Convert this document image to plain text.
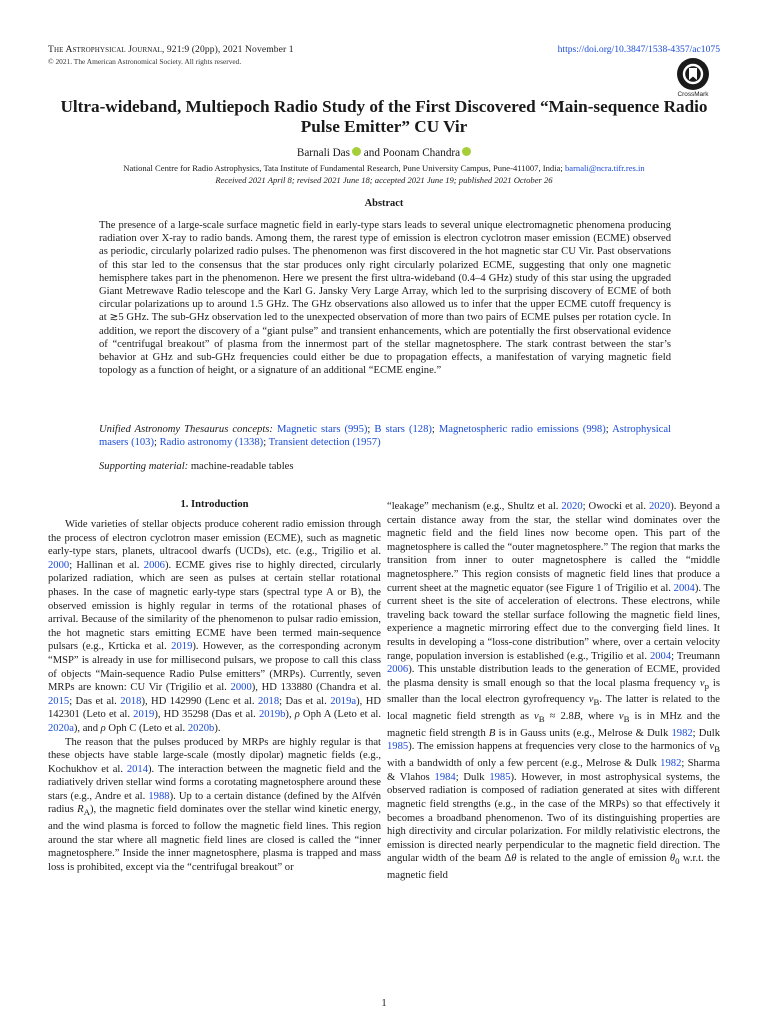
The Astrophysical Journal, 921:9 (20pp), 2021 November 1
© 2021. The American Astronomical Society. All rights reserved.
https://doi.org/10.3847/1538-4357/ac1075
CrossMark
Ultra-wideband, Multiepoch Radio Study of the First Discovered “Main-sequence Radio Pulse Emitter” CU Vir
Barnali Das and Poonam Chandra
National Centre for Radio Astrophysics, Tata Institute of Fundamental Research, Pune University Campus, Pune-411007, India; barnali@ncra.tifr.res.in
Received 2021 April 8; revised 2021 June 18; accepted 2021 June 19; published 2021 October 26
Abstract

The presence of a large-scale surface magnetic field in early-type stars leads to several unique electromagnetic phenomena producing radiation over X-ray to radio bands. Among them, the rarest type of emission is electron cyclotron maser emission (ECME) observed as periodic, circularly polarized radio pulses. The phenomenon was first discovered in the hot magnetic star CU Vir. Past observations of this star led to the consensus that the star produces only right circularly polarized ECME, suggesting that only one magnetic hemisphere takes part in the phenomenon. Here we present the first ultra-wideband (0.4–4 GHz) study of this star using the upgraded Giant Metrewave Radio telescope and the Karl G. Jansky Very Large Array, which led to the surprising discovery of ECME of both circular polarizations up to around 1.5 GHz. The GHz observations also allowed us to infer that the upper ECME cutoff frequency is at ≳5 GHz. The sub-GHz observation led to the unexpected observation of more than two pairs of ECME pulses per rotation cycle. In addition, we report the discovery of a “giant pulse” and transient enhancements, which are potentially the first observational evidence of “centrifugal breakout” of plasma from the innermost part of the stellar magnetosphere. The stark contrast between the star’s behavior at GHz and sub-GHz frequencies could either be due to propagation effects, a manifestation of varying magnetic field topology as a function of height, or a signature of an additional “ECME engine.”

Unified Astronomy Thesaurus concepts: Magnetic stars (995); B stars (128); Magnetospheric radio emissions (998); Astrophysical masers (103); Radio astronomy (1338); Transient detection (1957)

Supporting material: machine-readable tables
1. Introduction

Wide varieties of stellar objects produce coherent radio emission through the process of electron cyclotron maser emission (ECME), such as magnetic early-type stars, planets, ultracool dwarfs (UCDs), etc. (e.g., Trigilio et al. 2000; Hallinan et al. 2006). ECME gives rise to highly directed, circularly polarized radiation, which are seen as pulses at certain stellar rotational phases. In the case of magnetic early-type stars (spectral type A or B), the observed emission is highly regular in terms of the rotational phases of arrival. Because of the similarity of the phenomenon to pulsar radio emission, the hot magnetic stars emitting ECME have been termed main-sequence pulsars (e.g., Krticka et al. 2019). However, as the corresponding acronym “MSP” is already in use for millisecond pulsars, we propose to call this class of objects “Main-sequence Radio Pulse emitters” (MRPs). Currently, seven MRPs are known: CU Vir (Trigilio et al. 2000), HD 133880 (Chandra et al. 2015; Das et al. 2018), HD 142990 (Lenc et al. 2018; Das et al. 2019a), HD 142301 (Leto et al. 2019), HD 35298 (Das et al. 2019b), ρ Oph A (Leto et al. 2020a), and ρ Oph C (Leto et al. 2020b).

The reason that the pulses produced by MRPs are highly regular is that these objects have stable large-scale (mostly dipolar) magnetic fields (e.g., Kochukhov et al. 2014). The interaction between the magnetic field and the radiatively driven stellar wind forms a corotating magnetosphere around these stars (e.g., Andre et al. 1988). Up to a certain distance (defined by the Alfvén radius $R_A$), the magnetic field dominates over the stellar wind kinetic energy, and the wind plasma is forced to follow the magnetic field lines. This region around the star where all magnetic field lines are closed is called the “inner magnetosphere.” Inside the inner magnetosphere, plasma is trapped and mass loss is prohibited, except via the “centrifugal breakout” or

“leakage” mechanism (e.g., Shultz et al. 2020; Owocki et al. 2020). Beyond a certain distance away from the star, the stellar wind dominates over the magnetic field and the field lines now become open. This part of the magnetosphere is called the “outer magnetosphere.” The region that marks the transition from inner to outer magnetosphere is called the “middle magnetosphere.” This region consists of magnetic field lines that produce a current sheet at the magnetic equator (see Figure 1 of Trigilio et al. 2004). The current sheet is the site of acceleration of electrons. These electrons, while traveling back toward the stellar surface following the magnetic field lines, experience a magnetic mirroring effect due to the converging field lines. It results in developing a “loss-cone distribution” where, over a certain velocity range, population inversion is established (e.g., Trigilio et al. 2004; Treumann 2006). This unstable distribution leads to the generation of ECME, provided the plasma density is small enough so that the local plasma frequency $\nu_p$ is smaller than the local electron gyrofrequency $\nu_B$. The latter is related to the local magnetic field strength as $\nu_B \approx 2.8B$, where $\nu_B$ is in MHz and the magnetic field strength B is in Gauss units (e.g., Melrose & Dulk 1982; Dulk 1985). The emission happens at frequencies very close to the harmonics of $\nu_B$ with a bandwidth of only a few percent (e.g., Melrose & Dulk 1982; Sharma & Vlahos 1984; Dulk 1985). However, in most astrophysical systems, the observed radiation is composed of radiation generated at sites with different magnetic field strengths (e.g., in the case of the MRPs) so that effectively it becomes a broadband phenomenon. Two of its distinguishing properties are high directivity and circular polarization. For mildly relativistic electrons, the emission is directed nearly perpendicular to the magnetic field direction. The angular width of the beam Δθ is related to the angle of emission $\theta_0$ w.r.t. the magnetic field

1
